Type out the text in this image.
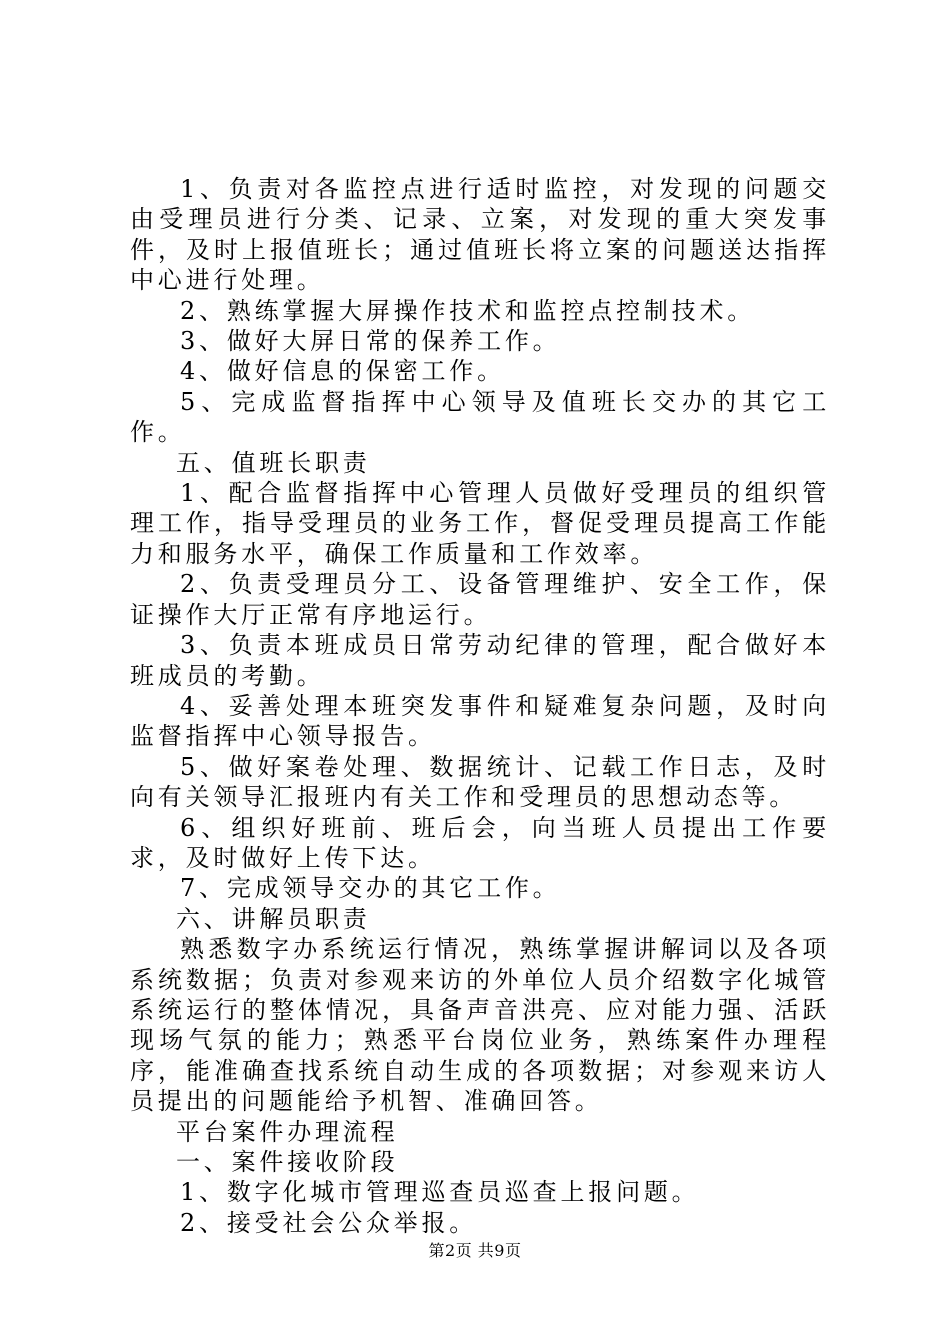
1、负责对各监控点进行适时监控，对发现的问题交由受理员进行分类、记录、立案，对发现的重大突发事件，及时上报值班长；通过值班长将立案的问题送达指挥中心进行处理。

2、熟练掌握大屏操作技术和监控点控制技术。

3、做好大屏日常的保养工作。

4、做好信息的保密工作。

5、完成监督指挥中心领导及值班长交办的其它工作。

五、值班长职责

1、配合监督指挥中心管理人员做好受理员的组织管理工作，指导受理员的业务工作，督促受理员提高工作能力和服务水平，确保工作质量和工作效率。

2、负责受理员分工、设备管理维护、安全工作，保证操作大厅正常有序地运行。

3、负责本班成员日常劳动纪律的管理，配合做好本班成员的考勤。

4、妥善处理本班突发事件和疑难复杂问题，及时向监督指挥中心领导报告。

5、做好案卷处理、数据统计、记载工作日志，及时向有关领导汇报班内有关工作和受理员的思想动态等。

6、组织好班前、班后会，向当班人员提出工作要求，及时做好上传下达。

7、完成领导交办的其它工作。

六、讲解员职责

熟悉数字办系统运行情况，熟练掌握讲解词以及各项系统数据；负责对参观来访的外单位人员介绍数字化城管系统运行的整体情况，具备声音洪亮、应对能力强、活跃现场气氛的能力；熟悉平台岗位业务，熟练案件办理程序，能准确查找系统自动生成的各项数据；对参观来访人员提出的问题能给予机智、准确回答。

平台案件办理流程

一、案件接收阶段

1、数字化城市管理巡查员巡查上报问题。

2、接受社会公众举报。

第2页 共9页
